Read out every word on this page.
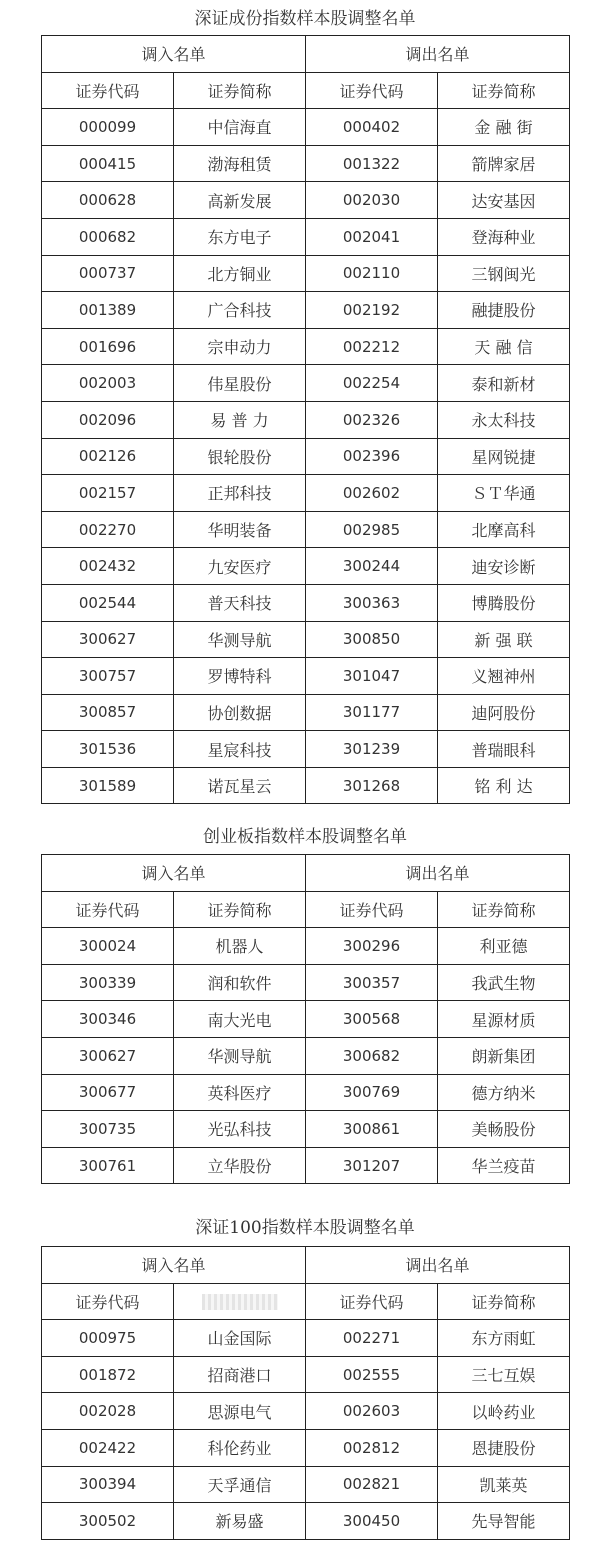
深证成份指数样本股调整名单
调入名单		调出名单	
证券代码	证券简称	证券代码	证券简称
000099	中信海直	000402	金 融 街
000415	渤海租赁	001322	箭牌家居
000628	高新发展	002030	达安基因
000682	东方电子	002041	登海种业
000737	北方铜业	002110	三钢闽光
001389	广合科技	002192	融捷股份
001696	宗申动力	002212	天 融 信
002003	伟星股份	002254	泰和新材
002096	易 普 力	002326	永太科技
002126	银轮股份	002396	星网锐捷
002157	正邦科技	002602	ＳＴ华通
002270	华明装备	002985	北摩高科
002432	九安医疗	300244	迪安诊断
002544	普天科技	300363	博腾股份
300627	华测导航	300850	新 强 联
300757	罗博特科	301047	义翘神州
300857	协创数据	301177	迪阿股份
301536	星宸科技	301239	普瑞眼科
301589	诺瓦星云	301268	铭 利 达
创业板指数样本股调整名单
调入名单		调出名单	
证券代码	证券简称	证券代码	证券简称
300024	机器人	300296	利亚德
300339	润和软件	300357	我武生物
300346	南大光电	300568	星源材质
300627	华测导航	300682	朗新集团
300677	英科医疗	300769	德方纳米
300735	光弘科技	300861	美畅股份
300761	立华股份	301207	华兰疫苗
深证100指数样本股调整名单
调入名单		调出名单	
证券代码		证券代码	证券简称
000975	山金国际	002271	东方雨虹
001872	招商港口	002555	三七互娱
002028	思源电气	002603	以岭药业
002422	科伦药业	002812	恩捷股份
300394	天孚通信	002821	凯莱英
300502	新易盛	300450	先导智能
